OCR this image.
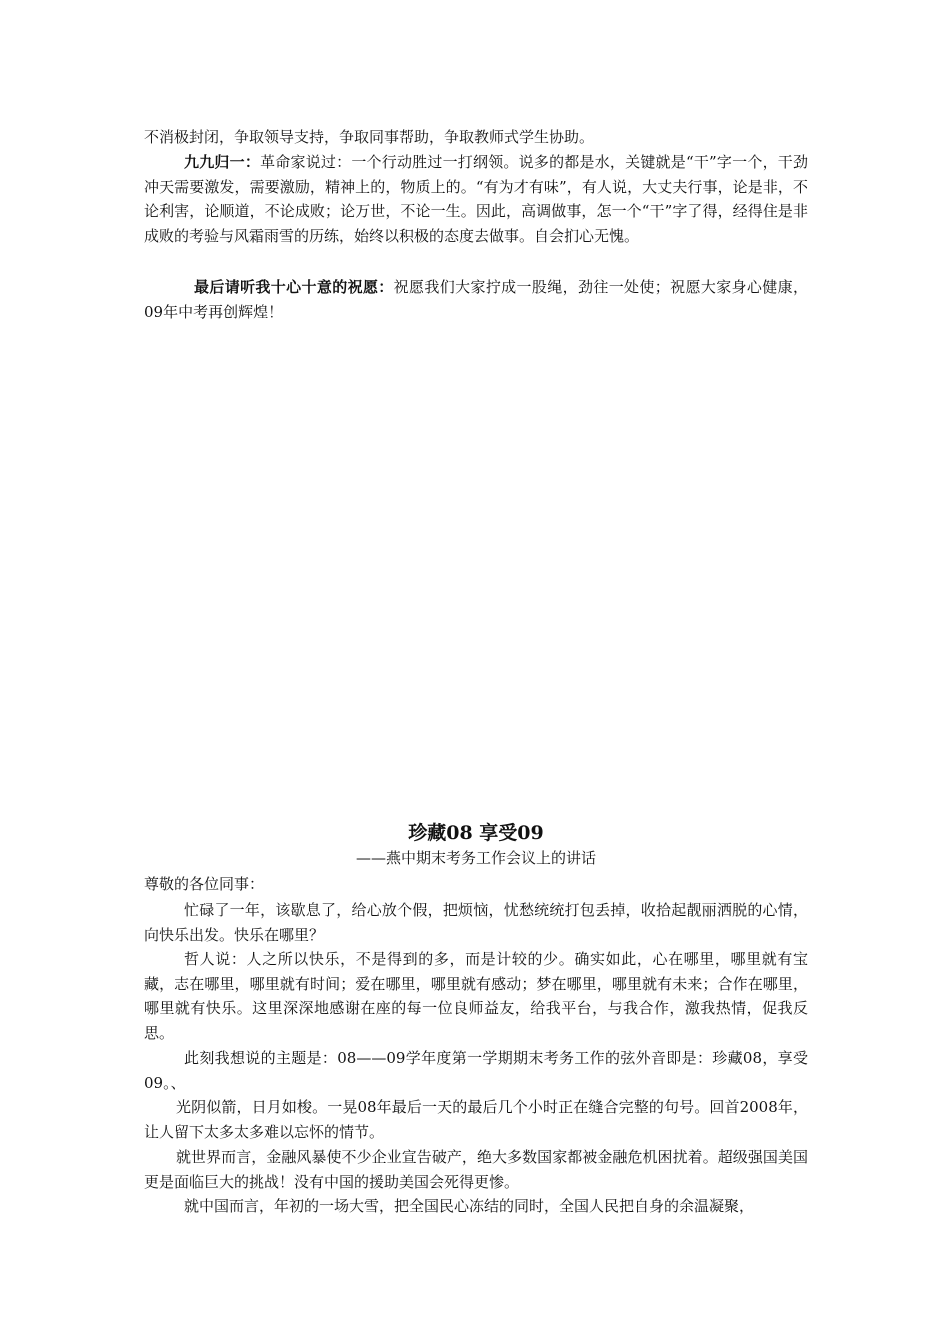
不消极封闭，争取领导支持，争取同事帮助，争取教师式学生协助。

九九归一：革命家说过：一个行动胜过一打纲领。说多的都是水，关键就是“干”字一个，干劲冲天需要激发，需要激励，精神上的，物质上的。“有为才有味”，有人说，大丈夫行事，论是非，不论利害，论顺道，不论成败；论万世，不论一生。因此，高调做事，怎一个“干”字了得，经得住是非成败的考验与风霜雨雪的历练，始终以积极的态度去做事。自会扪心无愧。

最后请听我十心十意的祝愿：祝愿我们大家拧成一股绳，劲往一处使；祝愿大家身心健康，09年中考再创辉煌！

珍藏08 享受09

——燕中期末考务工作会议上的讲话

尊敬的各位同事：

忙碌了一年，该歇息了，给心放个假，把烦恼，忧愁统统打包丢掉，收拾起靓丽洒脱的心情，向快乐出发。快乐在哪里？

哲人说：人之所以快乐，不是得到的多，而是计较的少。确实如此，心在哪里，哪里就有宝藏，志在哪里，哪里就有时间；爱在哪里，哪里就有感动；梦在哪里，哪里就有未来；合作在哪里，哪里就有快乐。这里深深地感谢在座的每一位良师益友，给我平台，与我合作，激我热情，促我反思。

此刻我想说的主题是：08——09学年度第一学期期末考务工作的弦外音即是：珍藏08，享受09。、

光阴似箭，日月如梭。一晃08年最后一天的最后几个小时正在缝合完整的句号。回首2008年，让人留下太多太多难以忘怀的情节。

就世界而言，金融风暴使不少企业宣告破产，绝大多数国家都被金融危机困扰着。超级强国美国更是面临巨大的挑战！没有中国的援助美国会死得更惨。

就中国而言，年初的一场大雪，把全国民心冻结的同时，全国人民把自身的余温凝聚，
